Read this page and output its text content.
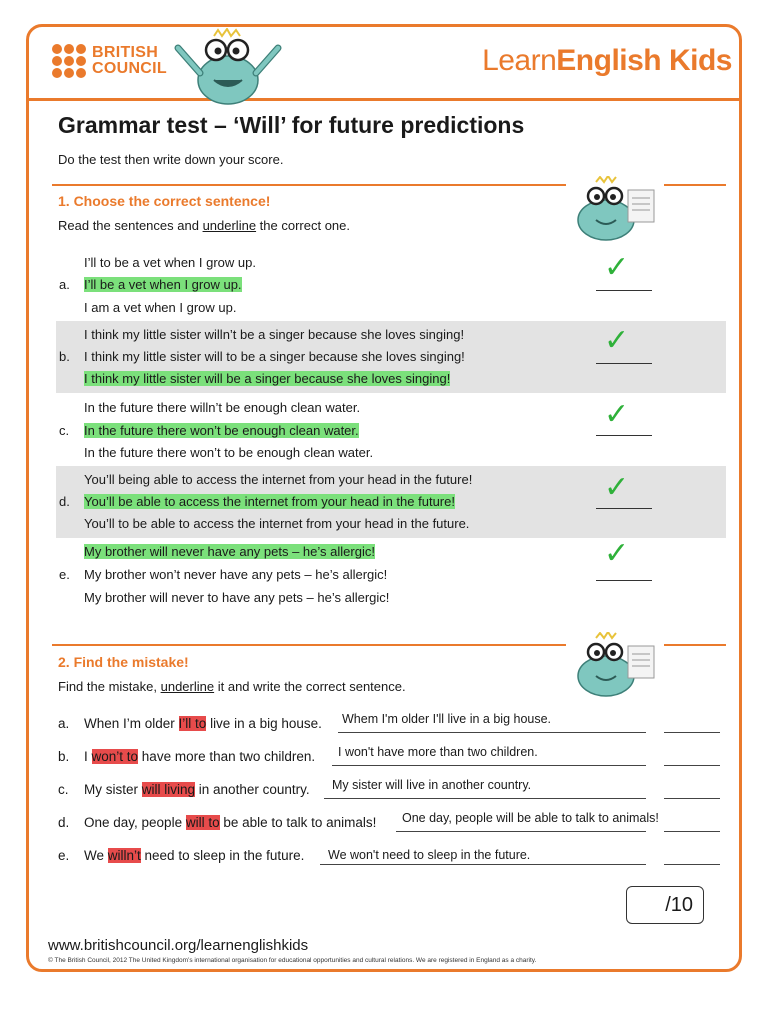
BRITISH
COUNCIL	LearnEnglish Kids
Grammar test – ‘Will’ for future predictions
Do the test then write down your score.
1. Choose the correct sentence!
Read the sentences and underline the correct one.
a.
I’ll to be a vet when I grow up.
I’ll be a vet when I grow up.
I am a vet when I grow up.
✓
b.
I think my little sister willn’t be a singer because she loves singing!
I think my little sister will to be a singer because she loves singing!
I think my little sister will be a singer because she loves singing!
✓
c.
In the future there willn’t be enough clean water.
In the future there won’t be enough clean water.
In the future there won’t to be enough clean water.
✓
d.
You’ll being able to access the internet from your head in the future!
You’ll be able to access the internet from your head in the future!
You’ll to be able to access the internet from your head in the future.
✓
e.
My brother will never have any pets – he’s allergic!
My brother won’t never have any pets – he’s allergic!
My brother will never to have any pets – he’s allergic!
✓
2. Find the mistake!
Find the mistake, underline it and write the correct sentence.
a. When I’m older I’ll to live in a big house. Whem I'm older I'll live in a big house.
b. I won’t to have more than two children. I won't have more than two children.
c. My sister will living in another country. My sister will live in another country.
d. One day, people will to be able to talk to animals! One day, people will be able to talk to animals!
e. We willn’t need to sleep in the future. We won't need to sleep in the future.
/10
www.britishcouncil.org/learnenglishkids
© The British Council, 2012 The United Kingdom’s international organisation for educational opportunities and cultural relations. We are registered in England as a charity.
